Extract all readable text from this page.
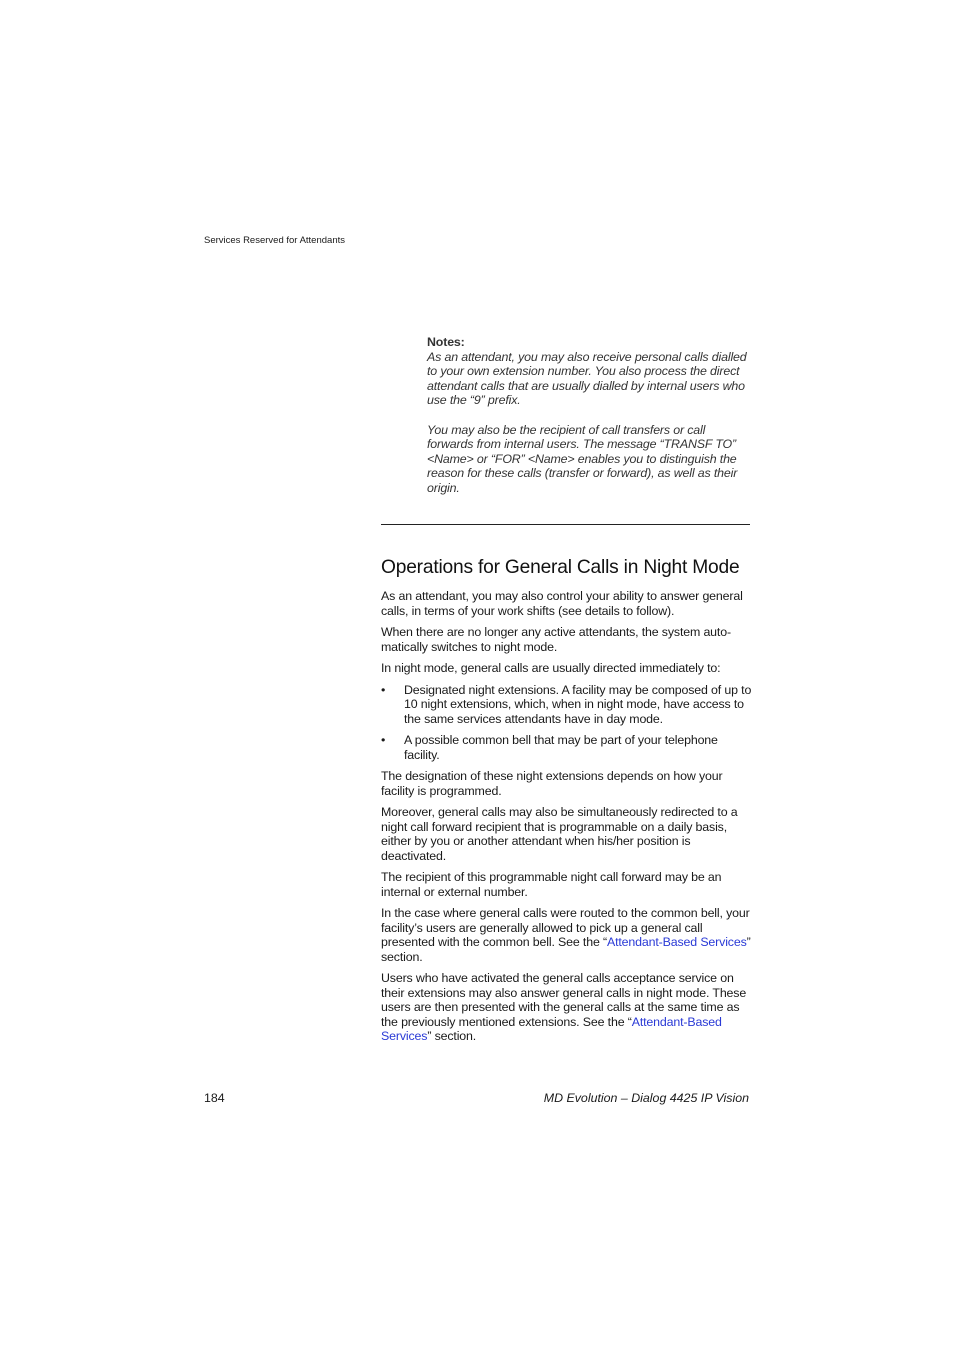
Services Reserved for Attendants
Notes:

As an attendant, you may also receive personal calls dialled to your own extension number. You also process the direct attendant calls that are usually dialled by internal users who use the “9” prefix.

You may also be the recipient of call transfers or call forwards from internal users. The message “TRANSF TO” <Name> or “FOR” <Name> enables you to distinguish the reason for these calls (transfer or forward), as well as their origin.

Operations for General Calls in Night Mode

As an attendant, you may also control your ability to answer general calls, in terms of your work shifts (see details to follow).

When there are no longer any active attendants, the system auto-matically switches to night mode.

In night mode, general calls are usually directed immediately to:

• Designated night extensions. A facility may be composed of up to 10 night extensions, which, when in night mode, have access to the same services attendants have in day mode.
• A possible common bell that may be part of your telephone facility.

The designation of these night extensions depends on how your facility is programmed.

Moreover, general calls may also be simultaneously redirected to a night call forward recipient that is programmable on a daily basis, either by you or another attendant when his/her position is deactivated.

The recipient of this programmable night call forward may be an internal or external number.

In the case where general calls were routed to the common bell, your facility’s users are generally allowed to pick up a general call presented with the common bell. See the “Attendant-Based Services” section.

Users who have activated the general calls acceptance service on their extensions may also answer general calls in night mode. These users are then presented with the general calls at the same time as the previously mentioned extensions. See the “Attendant-Based Services” section.

184	MD Evolution – Dialog 4425 IP Vision
